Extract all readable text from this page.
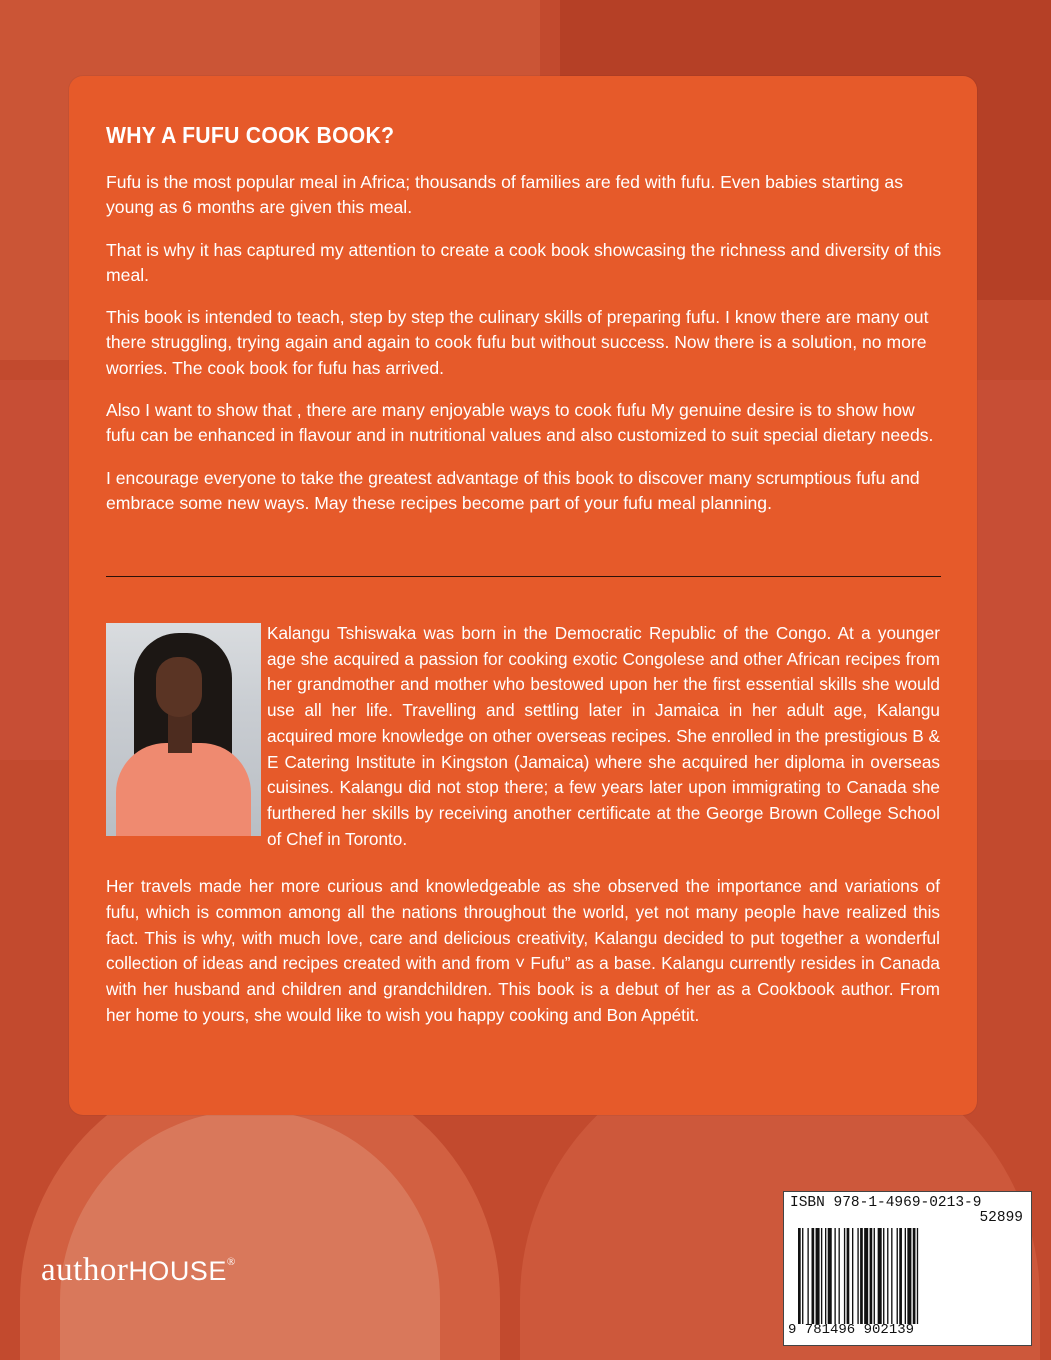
WHY A FUFU COOK BOOK?

Fufu is the most popular meal in Africa; thousands of families are fed with fufu. Even babies starting as young as 6 months are given this meal.

That is why it has captured my attention to create a cook book showcasing the richness and diversity of this meal.

This book is intended to teach, step by step the culinary skills of preparing fufu. I know there are many out there struggling, trying again and again to cook fufu but without success. Now there is a solution, no more worries. The cook book for fufu has arrived.

Also I want to show that , there are many enjoyable ways to cook fufu My genuine desire is to show how fufu can be enhanced in flavour and in nutritional values and also customized to suit special dietary needs.

I encourage everyone to take the greatest advantage of this book to discover many scrumptious fufu and embrace some new ways. May these recipes become part of your fufu meal planning.

Kalangu Tshiswaka was born in the Democratic Republic of the Congo. At a younger age she acquired a passion for cooking exotic Congolese and other African recipes from her grandmother and mother who bestowed upon her the first essential skills she would use all her life. Travelling and settling later in Jamaica in her adult age, Kalangu acquired more knowledge on other overseas recipes. She enrolled in the prestigious B & E Catering Institute in Kingston (Jamaica) where she acquired her diploma in overseas cuisines. Kalangu did not stop there; a few years later upon immigrating to Canada she furthered her skills by receiving another certificate at the George Brown College School of Chef in Toronto.

Her travels made her more curious and knowledgeable as she observed the importance and variations of fufu, which is common among all the nations throughout the world, yet not many people have realized this fact. This is why, with much love, care and delicious creativity, Kalangu decided to put together a wonderful collection of ideas and recipes created with and from ˅ Fufu” as a base. Kalangu currently resides in Canada with her husband and children and grandchildren. This book is a debut of her as a Cookbook author. From her home to yours, she would like to wish you happy cooking and Bon Appétit.

authorHOUSE®
ISBN 978-1-4969-0213-9
52899
9 781496 902139
